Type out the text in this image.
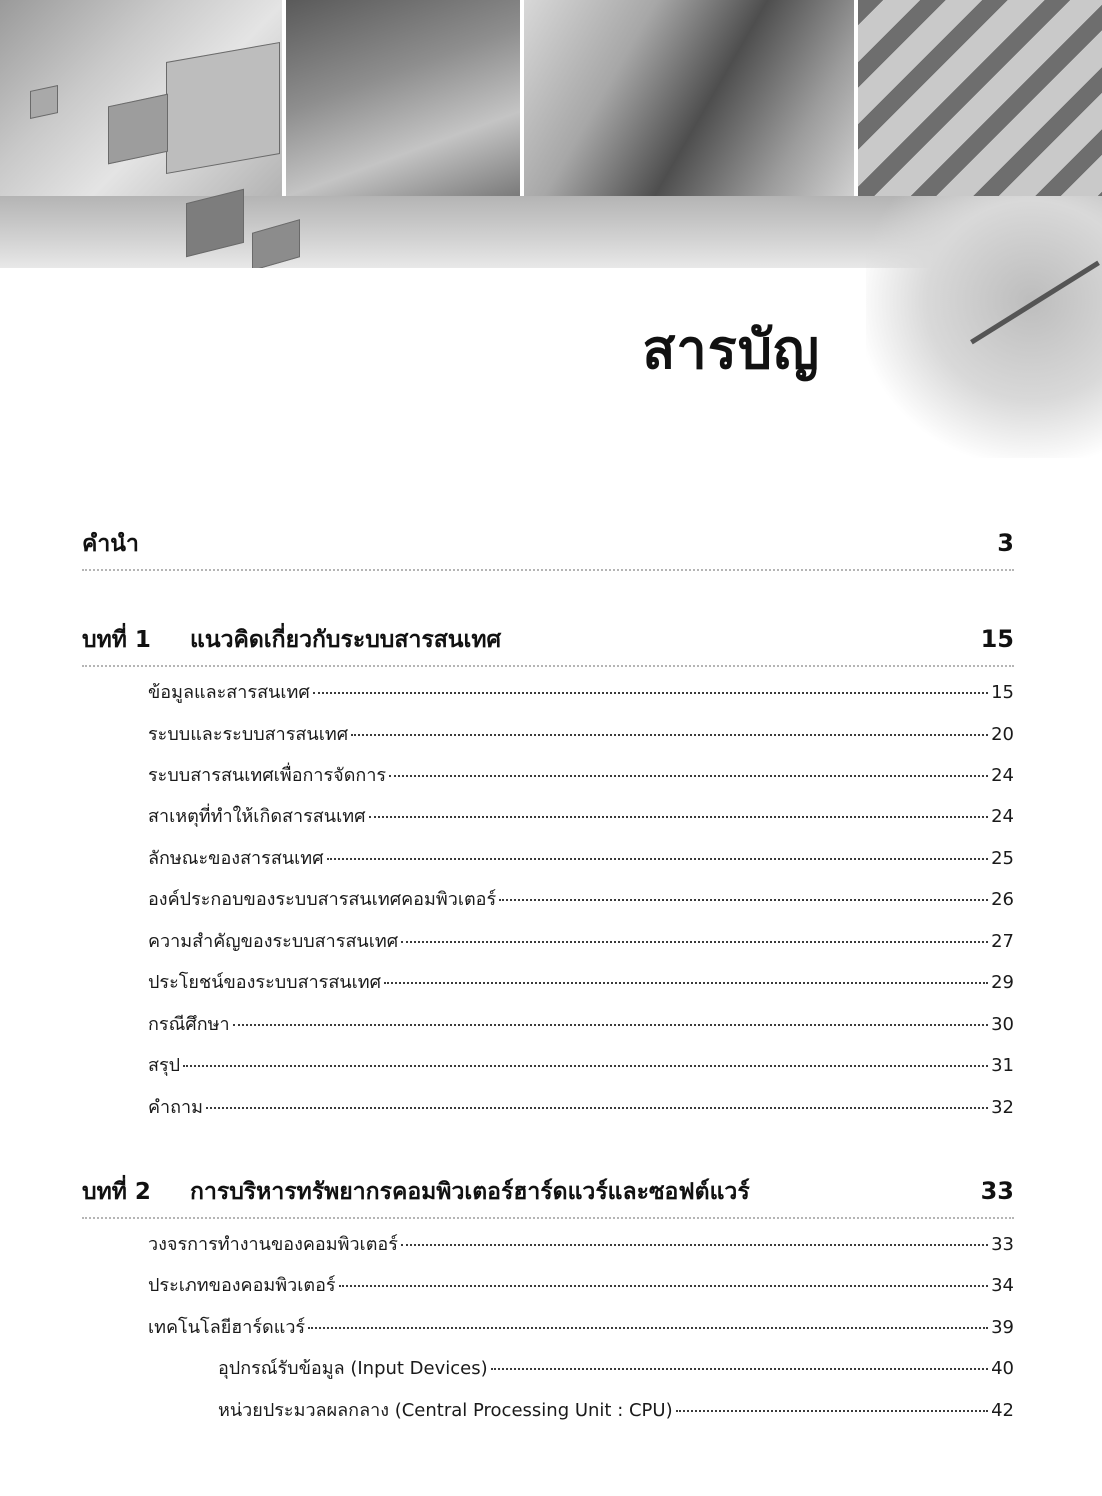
สารบัญ
คำนำ	3
บทที่ 1 แนวคิดเกี่ยวกับระบบสารสนเทศ	15
ข้อมูลและสารสนเทศ	15
ระบบและระบบสารสนเทศ	20
ระบบสารสนเทศเพื่อการจัดการ	24
สาเหตุที่ทำให้เกิดสารสนเทศ	24
ลักษณะของสารสนเทศ	25
องค์ประกอบของระบบสารสนเทศคอมพิวเตอร์	26
ความสำคัญของระบบสารสนเทศ	27
ประโยชน์ของระบบสารสนเทศ	29
กรณีศึกษา	30
สรุป	31
คำถาม	32
บทที่ 2 การบริหารทรัพยากรคอมพิวเตอร์ฮาร์ดแวร์และซอฟต์แวร์	33
วงจรการทำงานของคอมพิวเตอร์	33
ประเภทของคอมพิวเตอร์	34
เทคโนโลยีฮาร์ดแวร์	39
อุปกรณ์รับข้อมูล (Input Devices)	40
หน่วยประมวลผลกลาง (Central Processing Unit : CPU)	42
